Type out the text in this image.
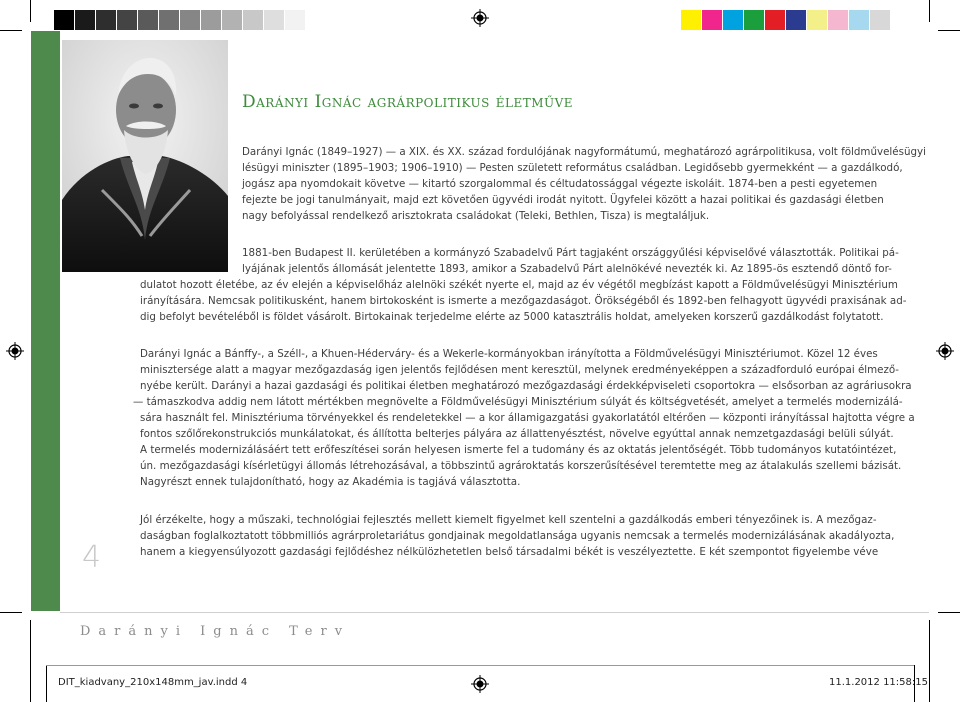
Darányi Ignác agrárpolitikus életműve
Darányi Ignác (1849–1927) — a XIX. és XX. század fordulójának nagyformátumú, meghatározó agrárpolitikusa, volt földművelésügyi
lésügyi miniszter (1895–1903; 1906–1910) — Pesten született református családban. Legidősebb gyermekként — a gazdálkodó,
jogász apa nyomdokait követve — kitartó szorgalommal és céltudatossággal végezte iskoláit. 1874-ben a pesti egyetemen
fejezte be jogi tanulmányait, majd ezt követően ügyvédi irodát nyitott. Ügyfelei között a hazai politikai és gazdasági életben
nagy befolyással rendelkező arisztokrata családokat (Teleki, Bethlen, Tisza) is megtaláljuk.
1881-ben Budapest II. kerületében a kormányzó Szabadelvű Párt tagjaként országgyűlési képviselővé választották. Politikai pá-
lyájának jelentős állomását jelentette 1893, amikor a Szabadelvű Párt alelnökévé nevezték ki. Az 1895-ös esztendő döntő for-
dulatot hozott életébe, az év elején a képviselőház alelnöki székét nyerte el, majd az év végétől megbízást kapott a Földművelésügyi Minisztérium
irányítására. Nemcsak politikusként, hanem birtokosként is ismerte a mezőgazdaságot. Örökségéből és 1892-ben felhagyott ügyvédi praxisának ad-
dig befolyt bevételéből is földet vásárolt. Birtokainak terjedelme elérte az 5000 katasztrális holdat, amelyeken korszerű gazdálkodást folytatott.
Darányi Ignác a Bánffy-, a Széll-, a Khuen-Héderváry- és a Wekerle-kormányokban irányította a Földművelésügyi Minisztériumot. Közel 12 éves
minisztersége alatt a magyar mezőgazdaság igen jelentős fejlődésen ment keresztül, melynek eredményeképpen a századforduló európai élmező-
nyébe került. Darányi a hazai gazdasági és politikai életben meghatározó mezőgazdasági érdekképviseleti csoportokra — elsősorban az agráriusokra
— támaszkodva addig nem látott mértékben megnövelte a Földművelésügyi Minisztérium súlyát és költségvetését, amelyet a termelés modernizálá-
sára használt fel. Minisztériuma törvényekkel és rendeletekkel — a kor államigazgatási gyakorlatától eltérően — központi irányítással hajtotta végre a
fontos szőlőrekonstrukciós munkálatokat, és állította belterjes pályára az állattenyésztést, növelve egyúttal annak nemzetgazdasági belüli súlyát.
A termelés modernizálásáért tett erőfeszítései során helyesen ismerte fel a tudomány és az oktatás jelentőségét. Több tudományos kutatóintézet,
ún. mezőgazdasági kísérletügyi állomás létrehozásával, a többszintű agrároktatás korszerűsítésével teremtette meg az átalakulás szellemi bázisát.
Nagyrészt ennek tulajdonítható, hogy az Akadémia is tagjává választotta.
Jól érzékelte, hogy a műszaki, technológiai fejlesztés mellett kiemelt figyelmet kell szentelni a gazdálkodás emberi tényezőinek is. A mezőgaz-
daságban foglalkoztatott többmilliós agrárproletariátus gondjainak megoldatlansága ugyanis nemcsak a termelés modernizálásának akadályozta,
hanem a kiegyensúlyozott gazdasági fejlődéshez nélkülözhetetlen belső társadalmi békét is veszélyeztette. E két szempontot figyelembe véve
4
Darányi Ignác Terv
DIT_kiadvany_210x148mm_jav.indd 4	11.1.2012 11:58:15
